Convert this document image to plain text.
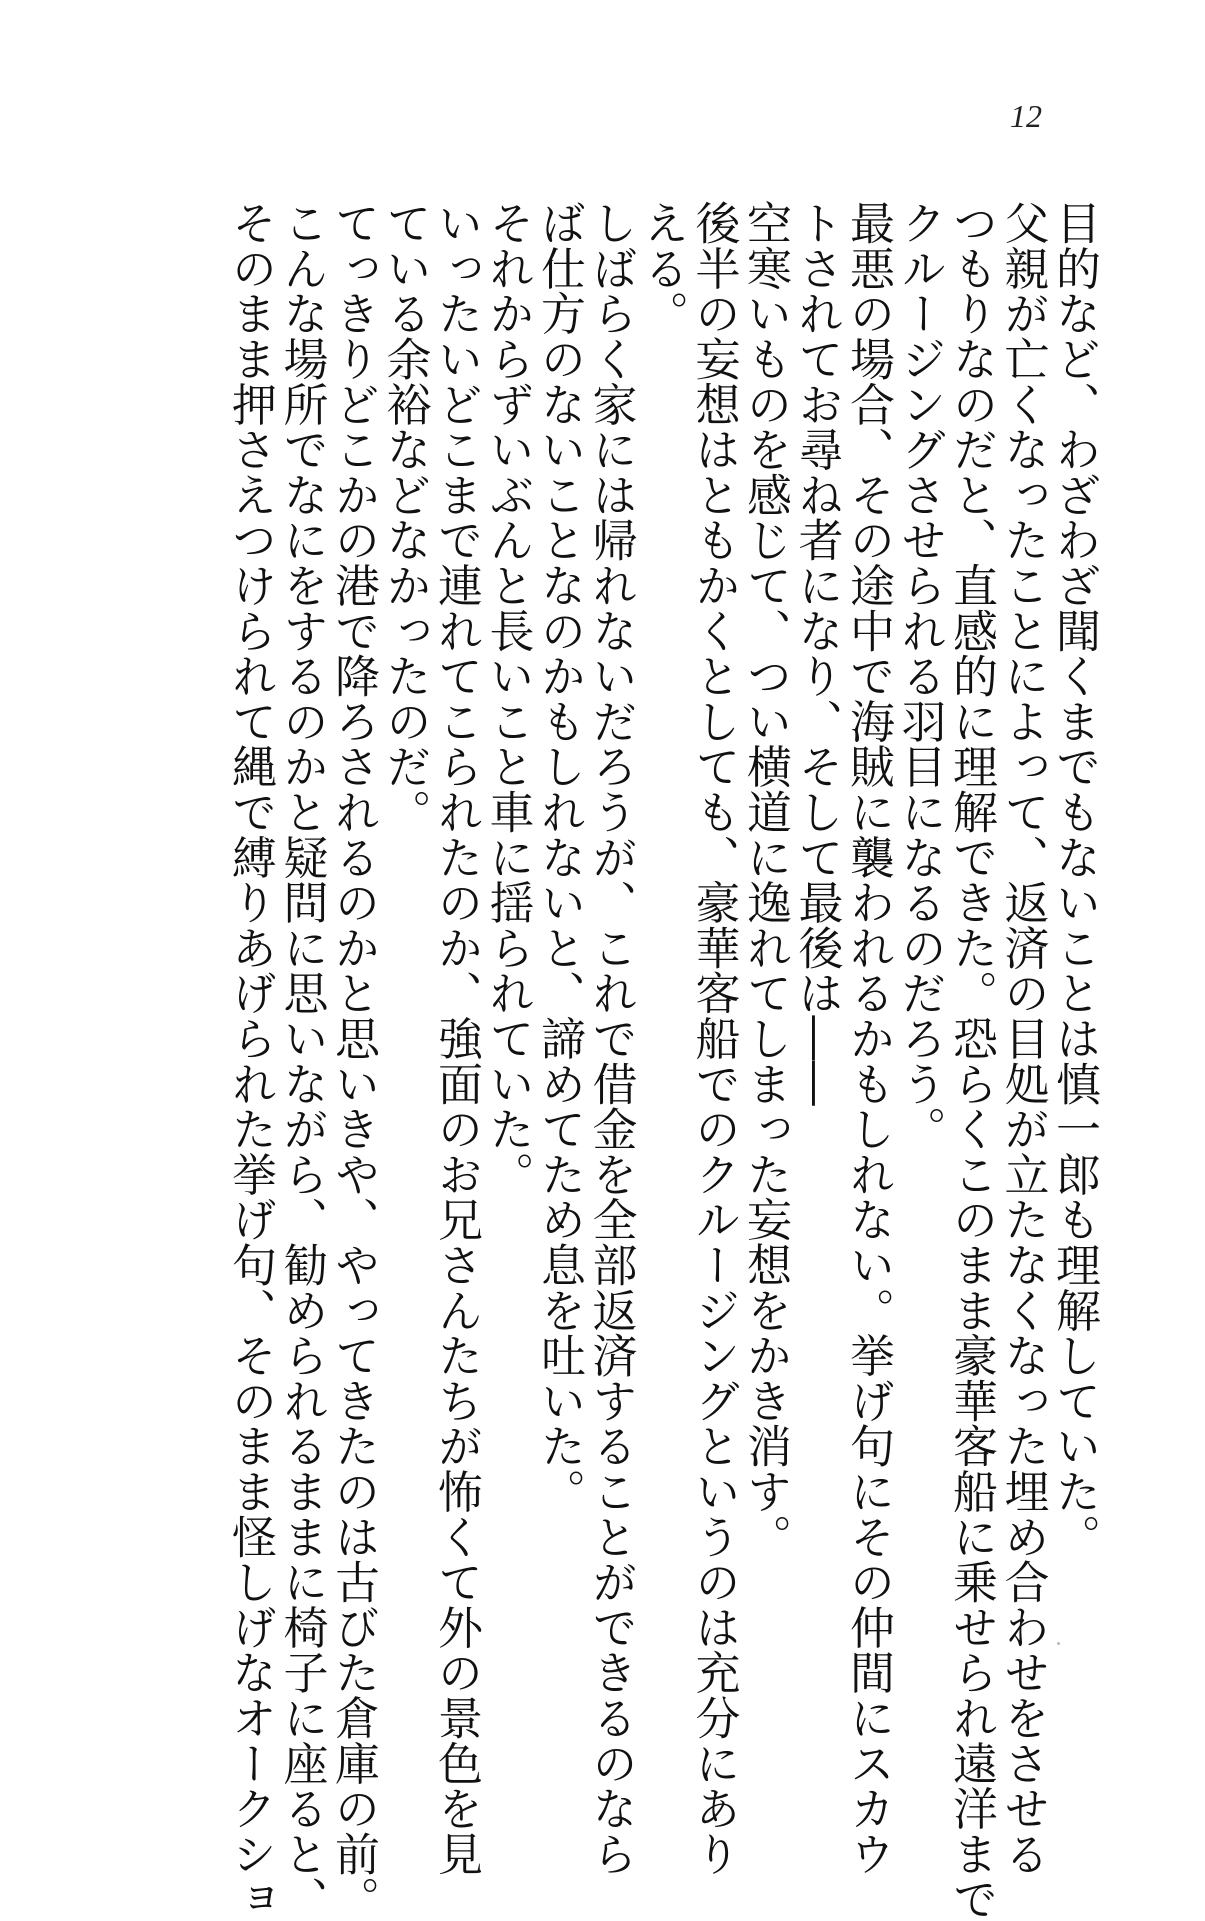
12

目的など、わざわざ聞くまでもないことは慎一郎も理解していた。

父親が亡くなったことによって、返済の目処が立たなくなった埋め合わせをさせる

つもりなのだと、直感的に理解できた。恐らくこのまま豪華客船に乗せられ遠洋まで

クルージングさせられる羽目になるのだろう。

最悪の場合、その途中で海賊に襲われるかもしれない。挙げ句にその仲間にスカウ

トされてお尋ね者になり、そして最後は――

空寒いものを感じて、つい横道に逸れてしまった妄想をかき消す。

後半の妄想はともかくとしても、豪華客船でのクルージングというのは充分にあり

える。

しばらく家には帰れないだろうが、これで借金を全部返済することができるのなら

ば仕方のないことなのかもしれないと、諦めてため息を吐いた。

それからずいぶんと長いこと車に揺られていた。

いったいどこまで連れてこられたのか、強面のお兄さんたちが怖くて外の景色を見

ている余裕などなかったのだ。

てっきりどこかの港で降ろされるのかと思いきや、やってきたのは古びた倉庫の前。

こんな場所でなにをするのかと疑問に思いながら、勧められるままに椅子に座ると、

そのまま押さえつけられて縄で縛りあげられた挙げ句、そのまま怪しげなオークショ
